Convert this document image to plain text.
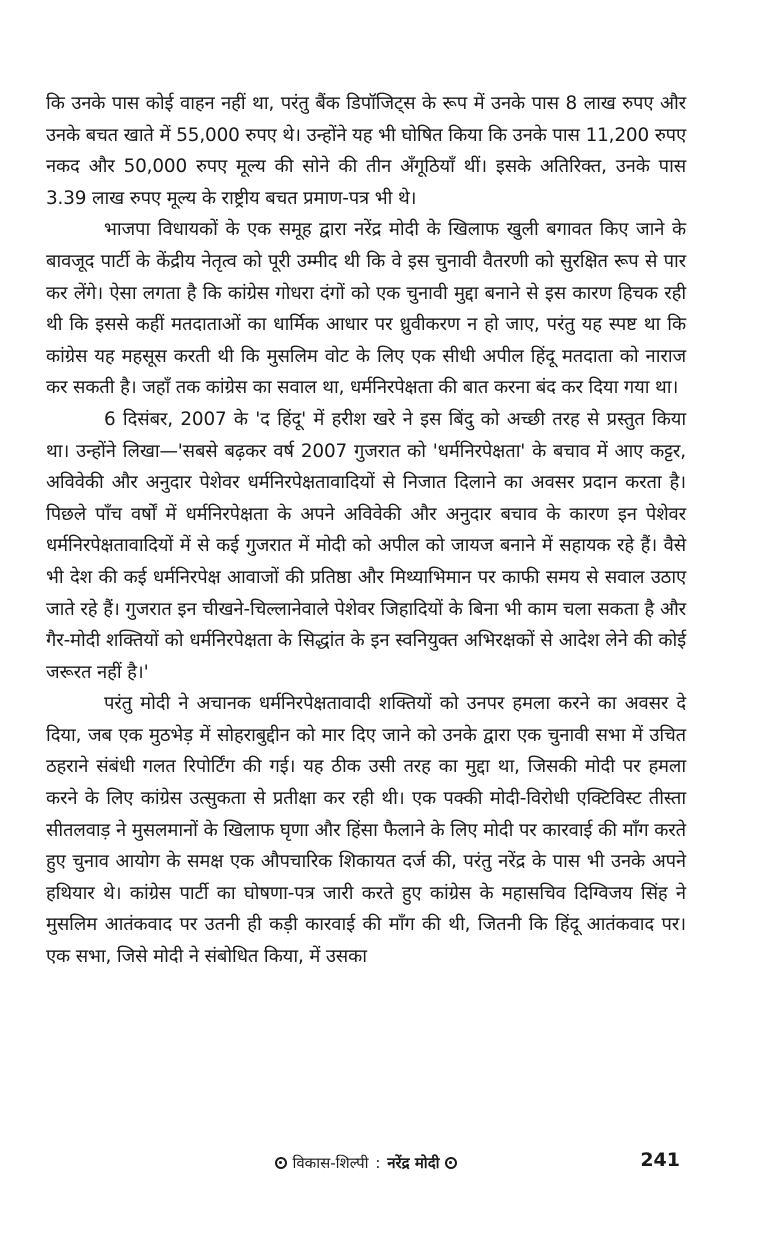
कि उनके पास कोई वाहन नहीं था, परंतु बैंक डिपॉजिट्स के रूप में उनके पास 8 लाख रुपए और उनके बचत खाते में 55,000 रुपए थे। उन्होंने यह भी घोषित किया कि उनके पास 11,200 रुपए नकद और 50,000 रुपए मूल्य की सोने की तीन अँगूठियाँ थीं। इसके अतिरिक्त, उनके पास 3.39 लाख रुपए मूल्य के राष्ट्रीय बचत प्रमाण-पत्र भी थे।

भाजपा विधायकों के एक समूह द्वारा नरेंद्र मोदी के खिलाफ खुली बगावत किए जाने के बावजूद पार्टी के केंद्रीय नेतृत्व को पूरी उम्मीद थी कि वे इस चुनावी वैतरणी को सुरक्षित रूप से पार कर लेंगे। ऐसा लगता है कि कांग्रेस गोधरा दंगों को एक चुनावी मुद्दा बनाने से इस कारण हिचक रही थी कि इससे कहीं मतदाताओं का धार्मिक आधार पर ध्रुवीकरण न हो जाए, परंतु यह स्पष्ट था कि कांग्रेस यह महसूस करती थी कि मुसलिम वोट के लिए एक सीधी अपील हिंदू मतदाता को नाराज कर सकती है। जहाँ तक कांग्रेस का सवाल था, धर्मनिरपेक्षता की बात करना बंद कर दिया गया था।

6 दिसंबर, 2007 के 'द हिंदू' में हरीश खरे ने इस बिंदु को अच्छी तरह से प्रस्तुत किया था। उन्होंने लिखा—'सबसे बढ़कर वर्ष 2007 गुजरात को 'धर्मनिरपेक्षता' के बचाव में आए कट्टर, अविवेकी और अनुदार पेशेवर धर्मनिरपेक्षतावादियों से निजात दिलाने का अवसर प्रदान करता है। पिछले पाँच वर्षों में धर्मनिरपेक्षता के अपने अविवेकी और अनुदार बचाव के कारण इन पेशेवर धर्मनिरपेक्षतावादियों में से कई गुजरात में मोदी को अपील को जायज बनाने में सहायक रहे हैं। वैसे भी देश की कई धर्मनिरपेक्ष आवाजों की प्रतिष्ठा और मिथ्याभिमान पर काफी समय से सवाल उठाए जाते रहे हैं। गुजरात इन चीखने-चिल्लानेवाले पेशेवर जिहादियों के बिना भी काम चला सकता है और गैर-मोदी शक्तियों को धर्मनिरपेक्षता के सिद्धांत के इन स्वनियुक्त अभिरक्षकों से आदेश लेने की कोई जरूरत नहीं है।'

परंतु मोदी ने अचानक धर्मनिरपेक्षतावादी शक्तियों को उनपर हमला करने का अवसर दे दिया, जब एक मुठभेड़ में सोहराबुद्दीन को मार दिए जाने को उनके द्वारा एक चुनावी सभा में उचित ठहराने संबंधी गलत रिपोर्टिंग की गई। यह ठीक उसी तरह का मुद्दा था, जिसकी मोदी पर हमला करने के लिए कांग्रेस उत्सुकता से प्रतीक्षा कर रही थी। एक पक्की मोदी-विरोधी एक्टिविस्ट तीस्ता सीतलवाड़ ने मुसलमानों के खिलाफ घृणा और हिंसा फैलाने के लिए मोदी पर कारवाई की माँग करते हुए चुनाव आयोग के समक्ष एक औपचारिक शिकायत दर्ज की, परंतु नरेंद्र के पास भी उनके अपने हथियार थे। कांग्रेस पार्टी का घोषणा-पत्र जारी करते हुए कांग्रेस के महासचिव दिग्विजय सिंह ने मुसलिम आतंकवाद पर उतनी ही कड़ी कारवाई की माँग की थी, जितनी कि हिंदू आतंकवाद पर। एक सभा, जिसे मोदी ने संबोधित किया, में उसका

विकास-शिल्पी : नरेंद्र मोदी	241
